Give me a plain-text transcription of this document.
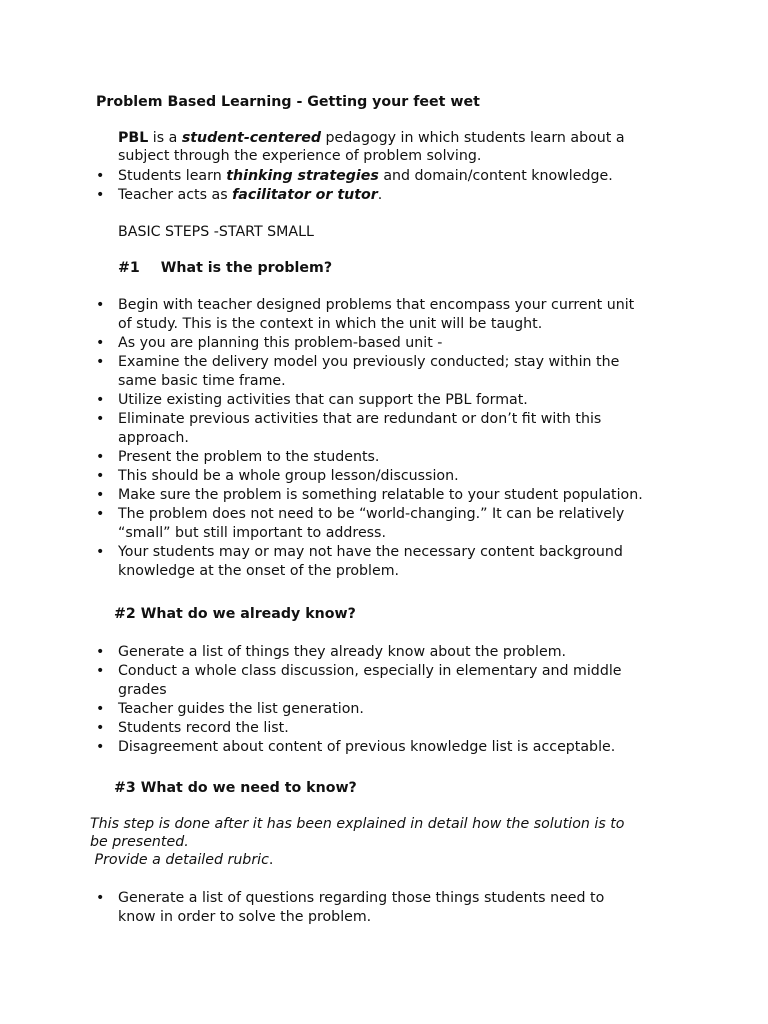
Problem Based Learning - Getting your feet wet

PBL is a student-centered pedagogy in which students learn about a

subject through the experience of problem solving.

• Students learn thinking strategies and domain/content knowledge.
• Teacher acts as facilitator or tutor.

BASIC STEPS -START SMALL

#1 What is the problem?

• Begin with teacher designed problems that encompass your current unit
of study. This is the context in which the unit will be taught.
• As you are planning this problem-based unit -
• Examine the delivery model you previously conducted; stay within the
same basic time frame.
• Utilize existing activities that can support the PBL format.
• Eliminate previous activities that are redundant or don’t fit with this
approach.
• Present the problem to the students.
• This should be a whole group lesson/discussion.
• Make sure the problem is something relatable to your student population.
• The problem does not need to be “world-changing.” It can be relatively
“small” but still important to address.
• Your students may or may not have the necessary content background
knowledge at the onset of the problem.

#2 What do we already know?

• Generate a list of things they already know about the problem.
• Conduct a whole class discussion, especially in elementary and middle
grades
• Teacher guides the list generation.
• Students record the list.
• Disagreement about content of previous knowledge list is acceptable.

#3 What do we need to know?

This step is done after it has been explained in detail how the solution is to

be presented.

Provide a detailed rubric.

• Generate a list of questions regarding those things students need to
know in order to solve the problem.
